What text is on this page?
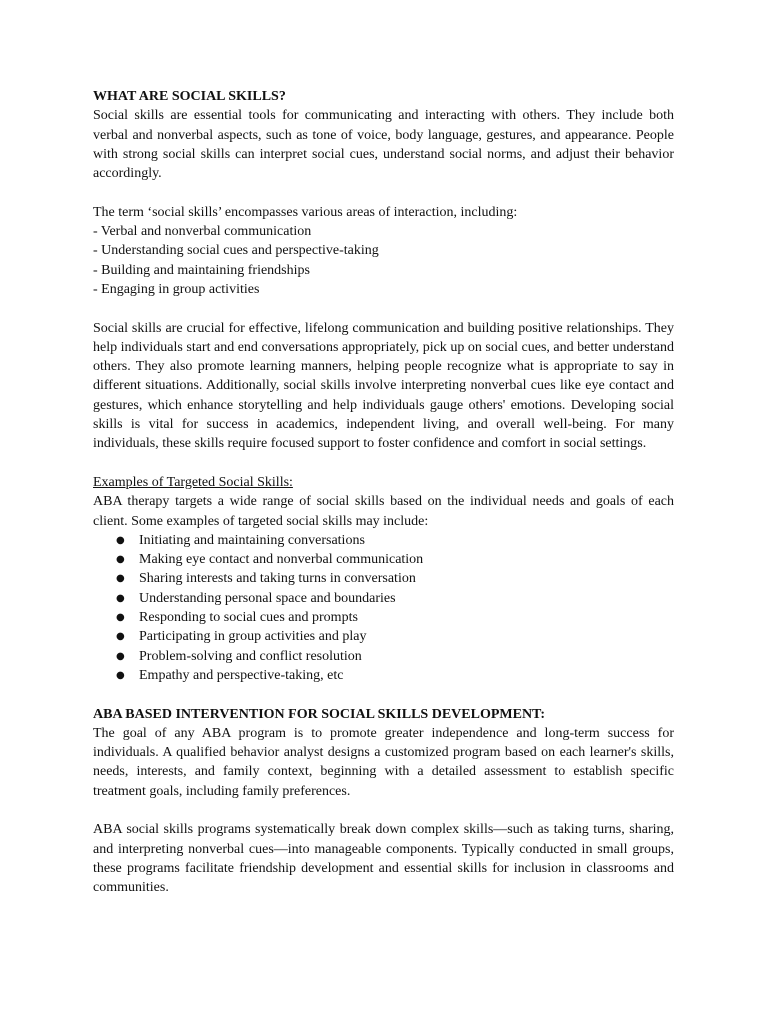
WHAT ARE SOCIAL SKILLS?

Social skills are essential tools for communicating and interacting with others. They include both verbal and nonverbal aspects, such as tone of voice, body language, gestures, and appearance. People with strong social skills can interpret social cues, understand social norms, and adjust their behavior accordingly.

The term ‘social skills’ encompasses various areas of interaction, including:

- Verbal and nonverbal communication
- Understanding social cues and perspective-taking
- Building and maintaining friendships
- Engaging in group activities

Social skills are crucial for effective, lifelong communication and building positive relationships. They help individuals start and end conversations appropriately, pick up on social cues, and better understand others. They also promote learning manners, helping people recognize what is appropriate to say in different situations. Additionally, social skills involve interpreting nonverbal cues like eye contact and gestures, which enhance storytelling and help individuals gauge others' emotions. Developing social skills is vital for success in academics, independent living, and overall well-being. For many individuals, these skills require focused support to foster confidence and comfort in social settings.

Examples of Targeted Social Skills:

ABA therapy targets a wide range of social skills based on the individual needs and goals of each client. Some examples of targeted social skills may include:

● Initiating and maintaining conversations
● Making eye contact and nonverbal communication
● Sharing interests and taking turns in conversation
● Understanding personal space and boundaries
● Responding to social cues and prompts
● Participating in group activities and play
● Problem-solving and conflict resolution
● Empathy and perspective-taking, etc
ABA BASED INTERVENTION FOR SOCIAL SKILLS DEVELOPMENT:

The goal of any ABA program is to promote greater independence and long-term success for individuals. A qualified behavior analyst designs a customized program based on each learner's skills, needs, interests, and family context, beginning with a detailed assessment to establish specific treatment goals, including family preferences.

ABA social skills programs systematically break down complex skills—such as taking turns, sharing, and interpreting nonverbal cues—into manageable components. Typically conducted in small groups, these programs facilitate friendship development and essential skills for inclusion in classrooms and communities.
